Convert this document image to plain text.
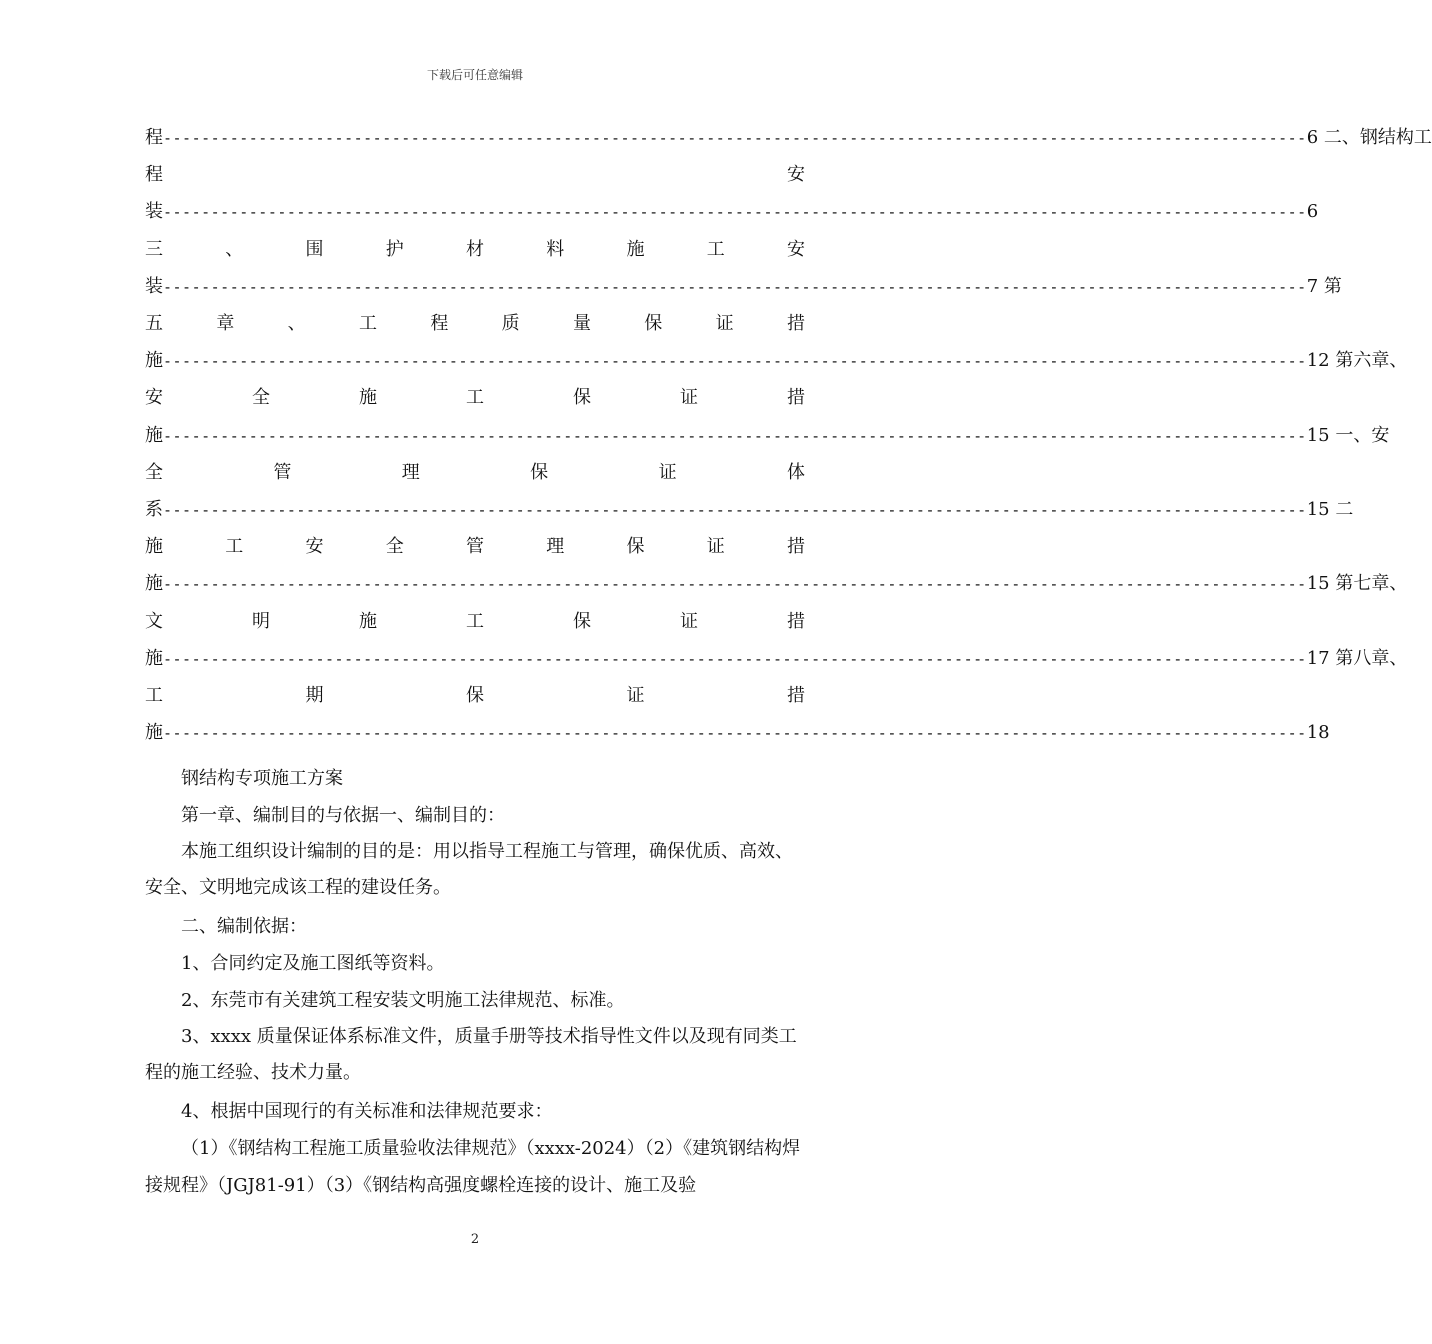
下载后可任意编辑
程 ------------------------------------------------------------------------------------------------------------------------ 6 二、钢结构工
程	安
装 ------------------------------------------------------------------------------------------------------------------------ 6
三	、	围	护	材	料	施	工	安
装 ------------------------------------------------------------------------------------------------------------------------ 7 第
五	章	、	工	程	质	量	保	证	措
施 ------------------------------------------------------------------------------------------------------------------------ 12 第六章、
安	全	施	工	保	证	措
施 ------------------------------------------------------------------------------------------------------------------------ 15 一、安
全	管	理	保	证	体
系 ------------------------------------------------------------------------------------------------------------------------ 15 二
施	工	安	全	管	理	保	证	措
施 ------------------------------------------------------------------------------------------------------------------------ 15 第七章、
文	明	施	工	保	证	措
施 ------------------------------------------------------------------------------------------------------------------------ 17 第八章、
工	期	保	证	措
施 ------------------------------------------------------------------------------------------------------------------------ 18
钢结构专项施工方案
第一章、编制目的与依据一、编制目的：
本施工组织设计编制的目的是：用以指导工程施工与管理，确保优质、高效、安全、文明地完成该工程的建设任务。
二、编制依据：
1、合同约定及施工图纸等资料。
2、东莞市有关建筑工程安装文明施工法律规范、标准。
3、xxxx 质量保证体系标准文件，质量手册等技术指导性文件以及现有同类工程的施工经验、技术力量。
4、根据中国现行的有关标准和法律规范要求：
（1）《钢结构工程施工质量验收法律规范》（xxxx-2024）（2）《建筑钢结构焊接规程》（JGJ81-91）（3）《钢结构高强度螺栓连接的设计、施工及验
2
